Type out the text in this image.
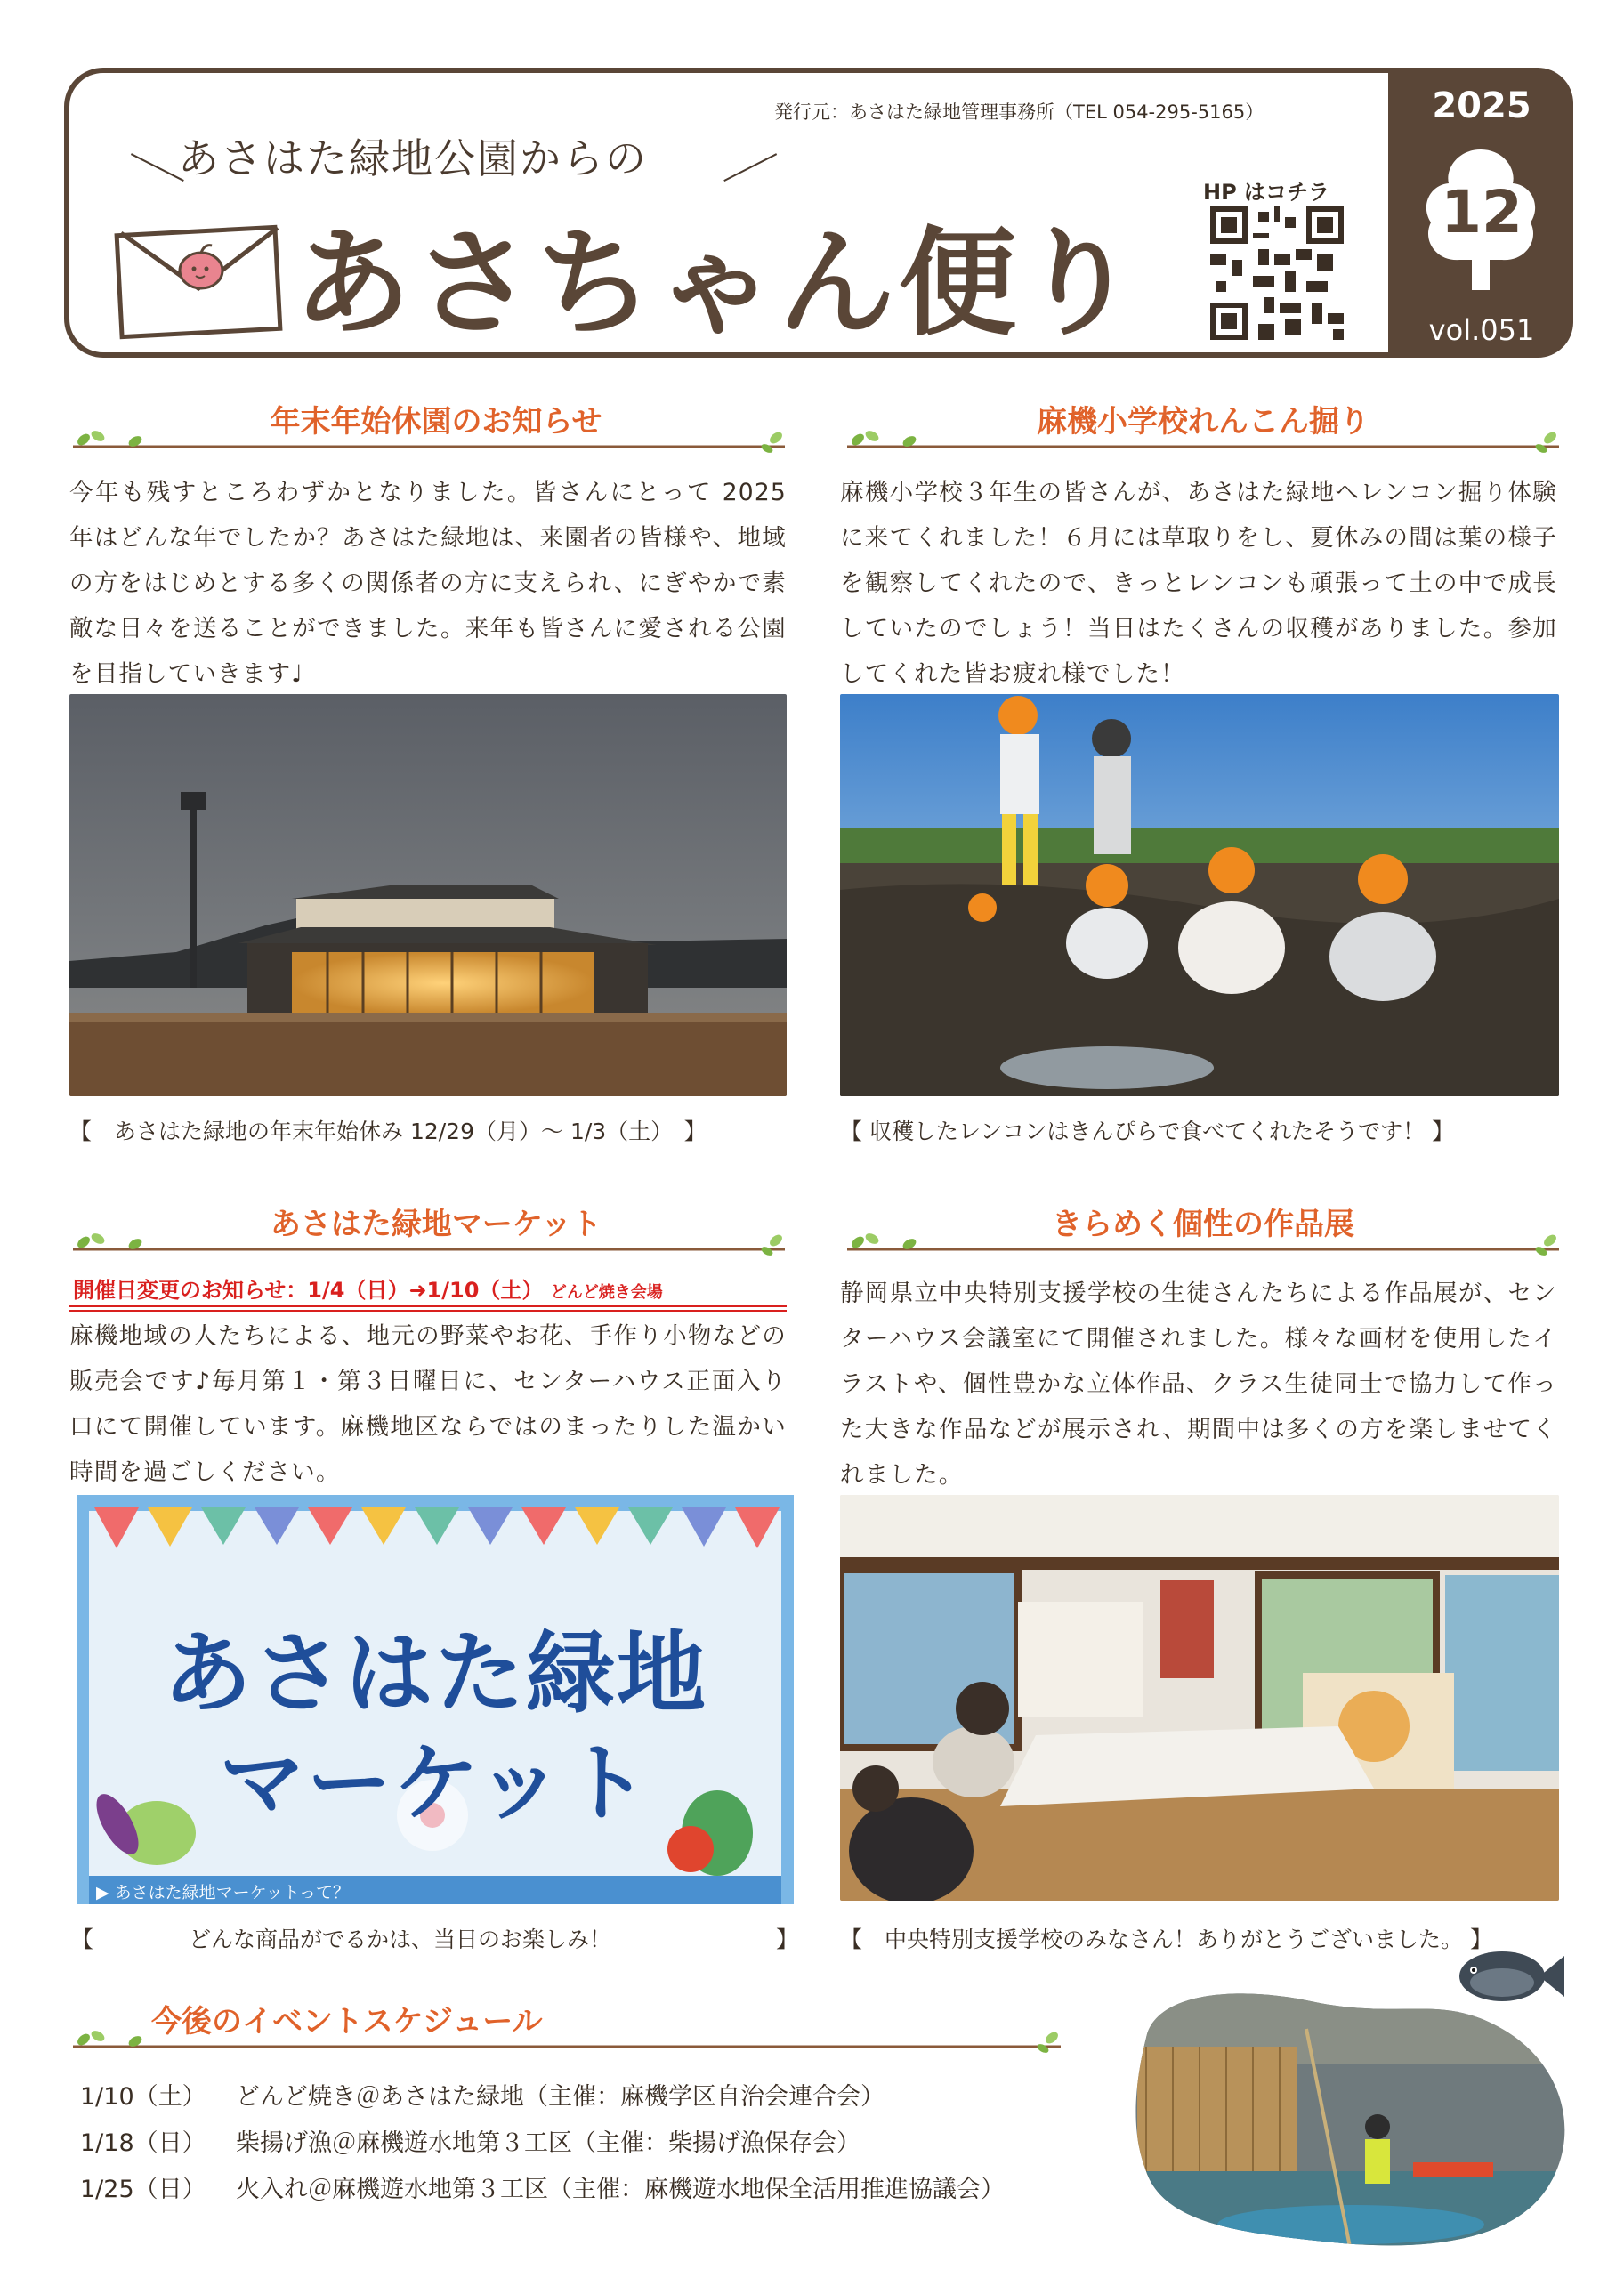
発行元：あさはた緑地管理事務所（TEL 054-295-5165）
＼
あさはた緑地公園からの ／
あさちゃん便り
HP はコチラ
2025
12
vol.051
年末年始休園のお知らせ
今年も残すところわずかとなりました。皆さんにとって 2025 年はどんな年でしたか？あさはた緑地は、来園者の皆様や、地域の方をはじめとする多くの関係者の方に支えられ、にぎやかで素敵な日々を送ることができました。来年も皆さんに愛される公園を目指していきます♩
【　あさはた緑地の年末年始休み 12/29（月）～ 1/3（土）　】
麻機小学校れんこん掘り
麻機小学校３年生の皆さんが、あさはた緑地へレンコン掘り体験に来てくれました！６月には草取りをし、夏休みの間は葉の様子を観察してくれたので、きっとレンコンも頑張って土の中で成長していたのでしょう！当日はたくさんの収穫がありました。参加してくれた皆お疲れ様でした！
【 収穫したレンコンはきんぴらで食べてくれたそうです！ 】
あさはた緑地マーケット
開催日変更のお知らせ：1/4（日）➜1/10（土） どんど焼き会場
麻機地域の人たちによる、地元の野菜やお花、手作り小物などの販売会です♪毎月第１・第３日曜日に、センターハウス正面入り口にて開催しています。麻機地区ならではのまったりした温かい時間を過ごしください。
あさはた緑地
マーケット
▶ あさはた緑地マーケットって？
【	どんな商品がでるかは、当日のお楽しみ！	】
きらめく個性の作品展
静岡県立中央特別支援学校の生徒さんたちによる作品展が、センターハウス会議室にて開催されました。様々な画材を使用したイラストや、個性豊かな立体作品、クラス生徒同士で協力して作った大きな作品などが展示され、期間中は多くの方を楽しませてくれました。
【　中央特別支援学校のみなさん！ありがとうございました。 】
今後のイベントスケジュール
1/10（土） どんど焼き＠あさはた緑地（主催：麻機学区自治会連合会）
1/18（日） 柴揚げ漁＠麻機遊水地第３工区（主催：柴揚げ漁保存会）
1/25（日） 火入れ＠麻機遊水地第３工区（主催：麻機遊水地保全活用推進協議会）
